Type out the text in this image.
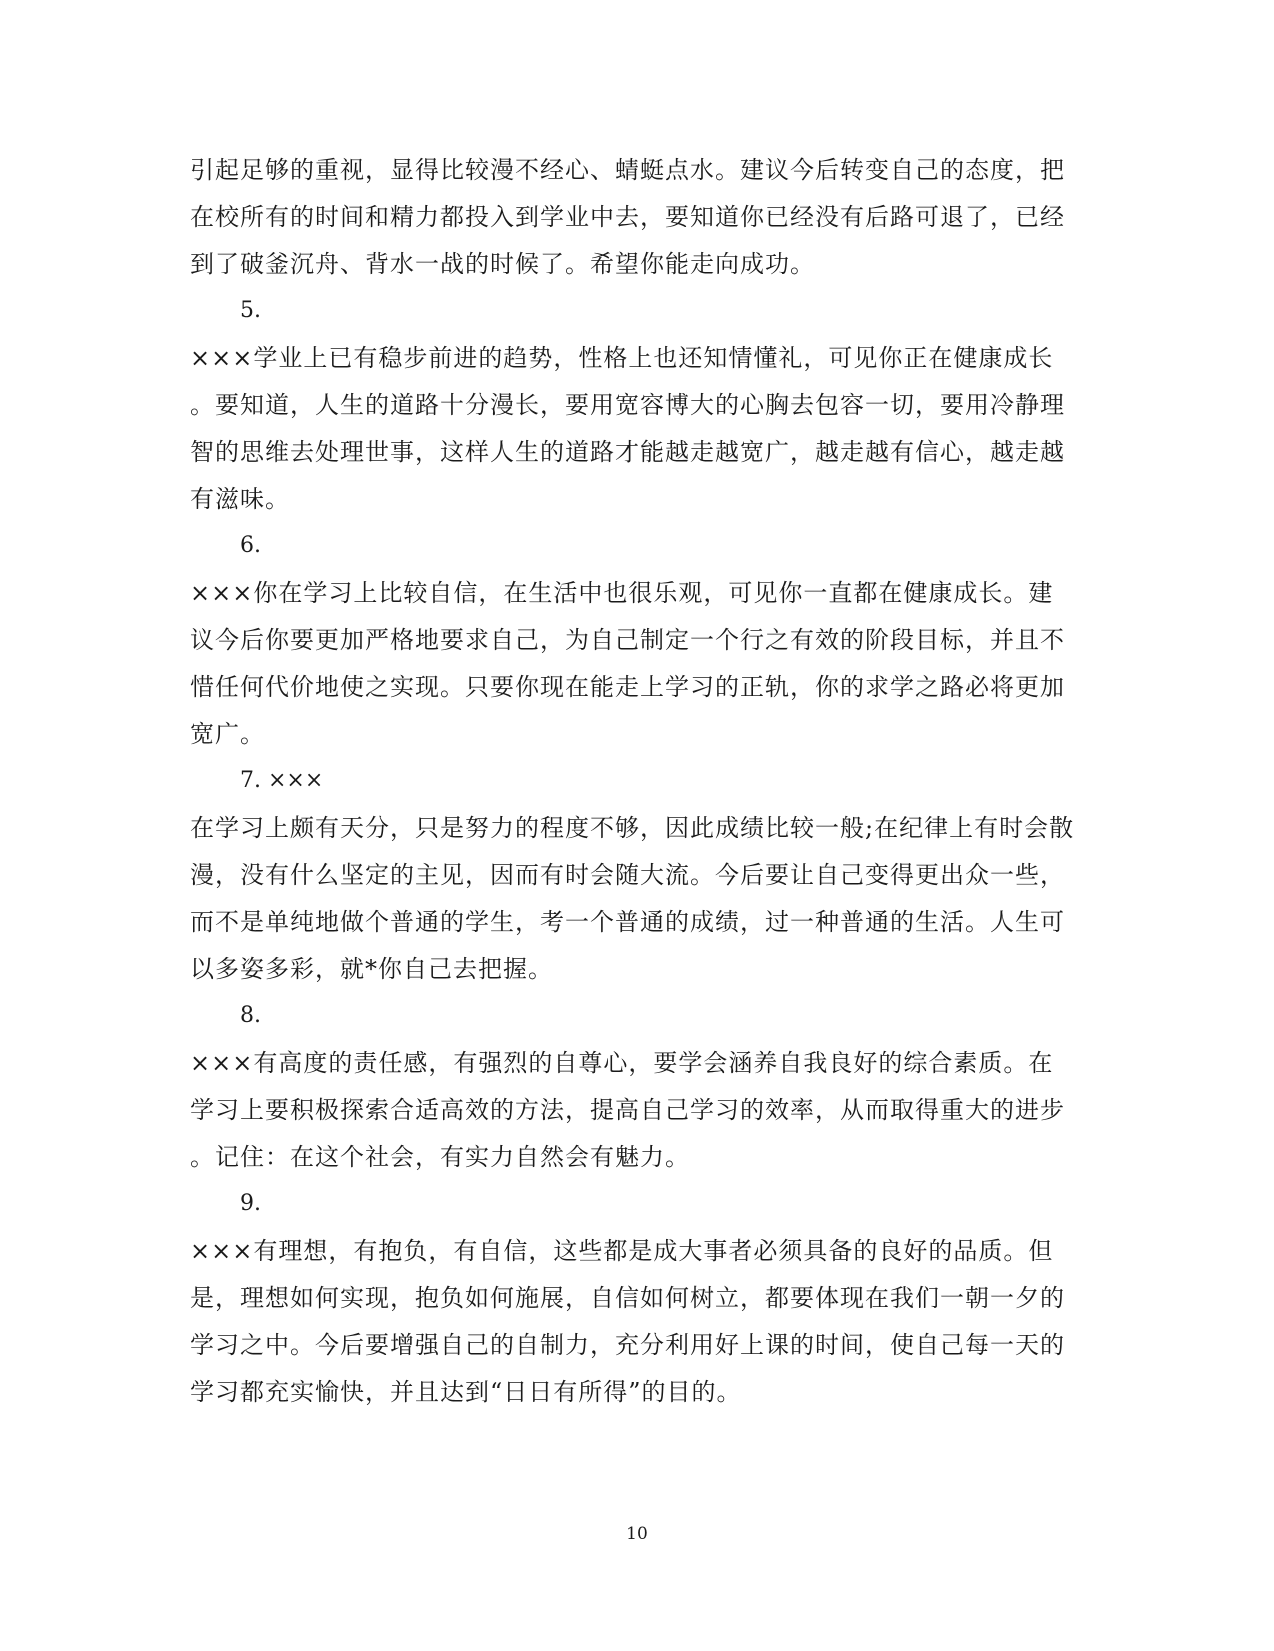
引起足够的重视，显得比较漫不经心、蜻蜓点水。建议今后转变自己的态度，把
在校所有的时间和精力都投入到学业中去，要知道你已经没有后路可退了，已经
到了破釜沉舟、背水一战的时候了。希望你能走向成功。
5.
×××学业上已有稳步前进的趋势，性格上也还知情懂礼，可见你正在健康成长
。要知道，人生的道路十分漫长，要用宽容博大的心胸去包容一切，要用冷静理
智的思维去处理世事，这样人生的道路才能越走越宽广，越走越有信心，越走越
有滋味。
6.
×××你在学习上比较自信，在生活中也很乐观，可见你一直都在健康成长。建
议今后你要更加严格地要求自己，为自己制定一个行之有效的阶段目标，并且不
惜任何代价地使之实现。只要你现在能走上学习的正轨，你的求学之路必将更加
宽广。
7. ×××
在学习上颇有天分，只是努力的程度不够，因此成绩比较一般;在纪律上有时会散
漫，没有什么坚定的主见，因而有时会随大流。今后要让自己变得更出众一些，
而不是单纯地做个普通的学生，考一个普通的成绩，过一种普通的生活。人生可
以多姿多彩，就*你自己去把握。
8.
×××有高度的责任感，有强烈的自尊心，要学会涵养自我良好的综合素质。在
学习上要积极探索合适高效的方法，提高自己学习的效率，从而取得重大的进步
。记住：在这个社会，有实力自然会有魅力。
9.
×××有理想，有抱负，有自信，这些都是成大事者必须具备的良好的品质。但
是，理想如何实现，抱负如何施展，自信如何树立，都要体现在我们一朝一夕的
学习之中。今后要增强自己的自制力，充分利用好上课的时间，使自己每一天的
学习都充实愉快，并且达到“日日有所得”的目的。
10
